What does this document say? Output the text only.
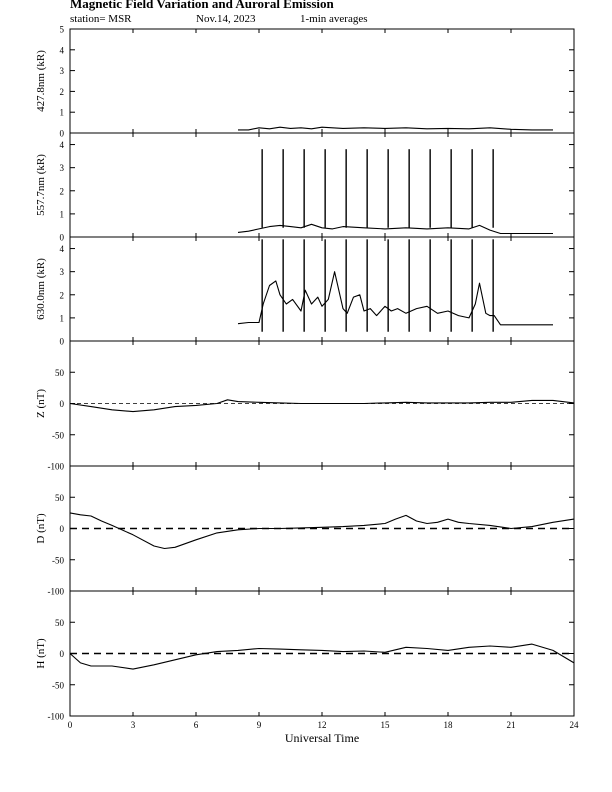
Magnetic Field Variation and Auroral Emission
station= MSR	Nov.14, 2023	1-min averages
0
1
2
3
4
5
427.8nm (kR)
0
1
2
3
4
557.7nm (kR)
0
1
2
3
4
630.0nm (kR)
-100
-50
0
50
Z (nT)
-100
-50
0
50
D (nT)
-100
-50
0
50
H (nT)
0	3	6	9	12	15	18	21	24
Universal Time
